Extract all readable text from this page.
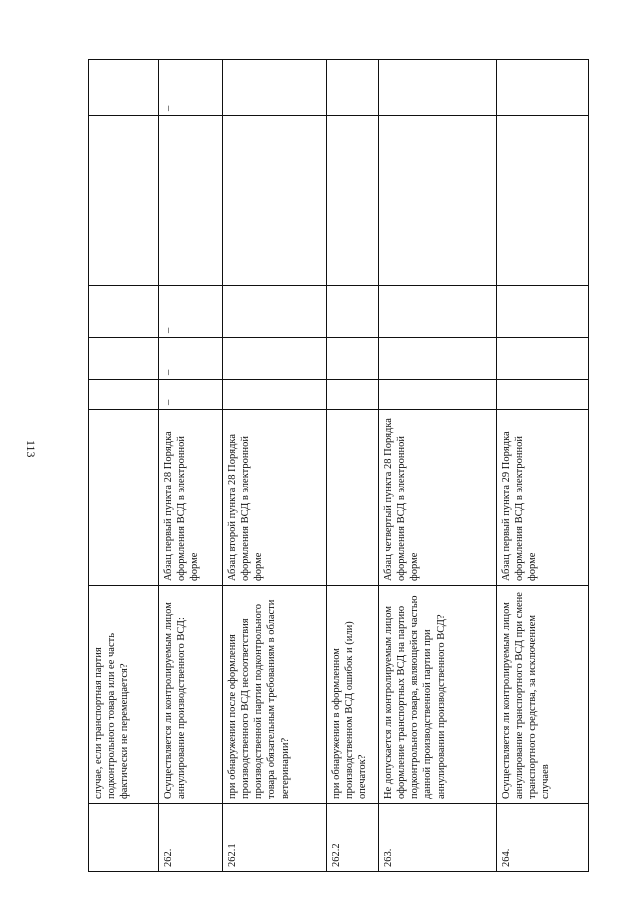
113
	случае, если транспортная партия подконтрольного товара или ее часть фактически не перемещается?						
262.	Осуществляется ли контролируемым лицом аннулирование производственного ВСД:	Абзац первый пункта 28 Порядка оформления ВСД в электронной форме	–	–	–		–
262.1	при обнаружении после оформления производственного ВСД несоответствия производственной партии подконтрольного товара обязательным требованиям в области ветеринарии?	Абзац второй пункта 28 Порядка оформления ВСД в электронной форме					
262.2	при обнаружении в оформленном производственном ВСД ошибок и (или) опечаток?						
263.	Не допускается ли контролируемым лицом оформление транспортных ВСД на партию подконтрольного товара, являющейся частью данной производственной партии при аннулировании производственного ВСД?	Абзац четвертый пункта 28 Порядка оформления ВСД в электронной форме					
264.	Осуществляется ли контролируемым лицом аннулирование транспортного ВСД при смене транспортного средства, за исключением случаев	Абзац первый пункта 29 Порядка оформления ВСД в электронной форме					
